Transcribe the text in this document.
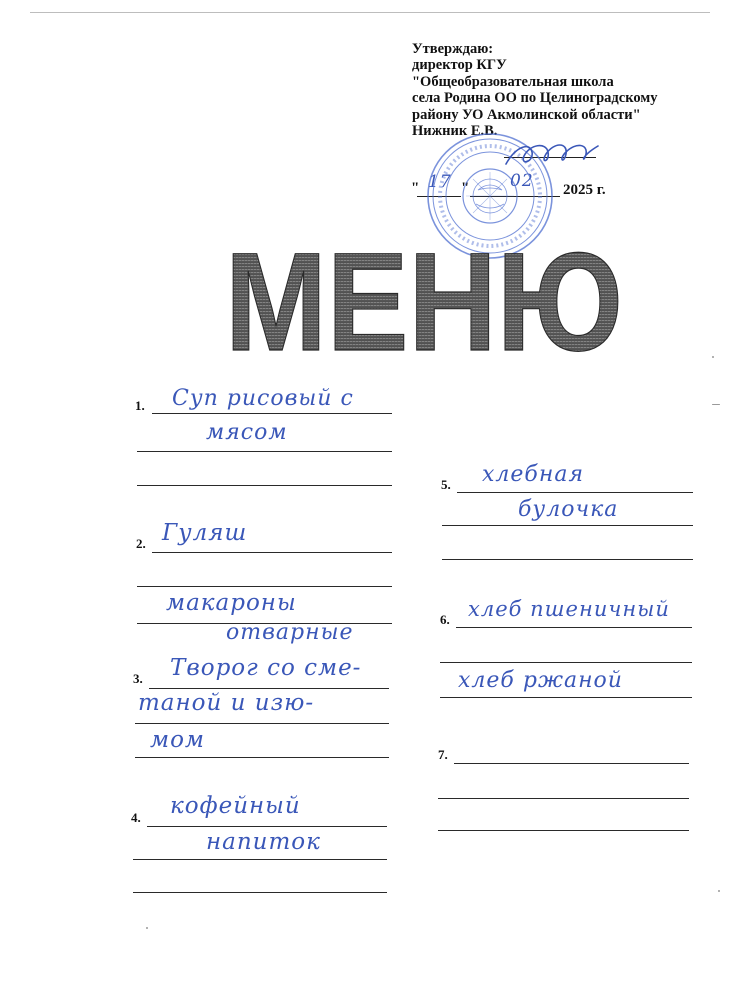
Утверждаю:
директор КГУ
"Общеобразовательная школа
села Родина ОО по Целиноградскому
району УО Акмолинской области"
Нижник Е.В.
"	"
17	02 2025 г.
МЕНЮ
1. Суп рисовый с
мясом
2. Гуляш
макароны
отварные
3. Творог со сме-
таной и изю-
мом
4. кофейный
напиток
5. хлебная
булочка
6. хлеб пшеничный
хлеб ржаной
7.
